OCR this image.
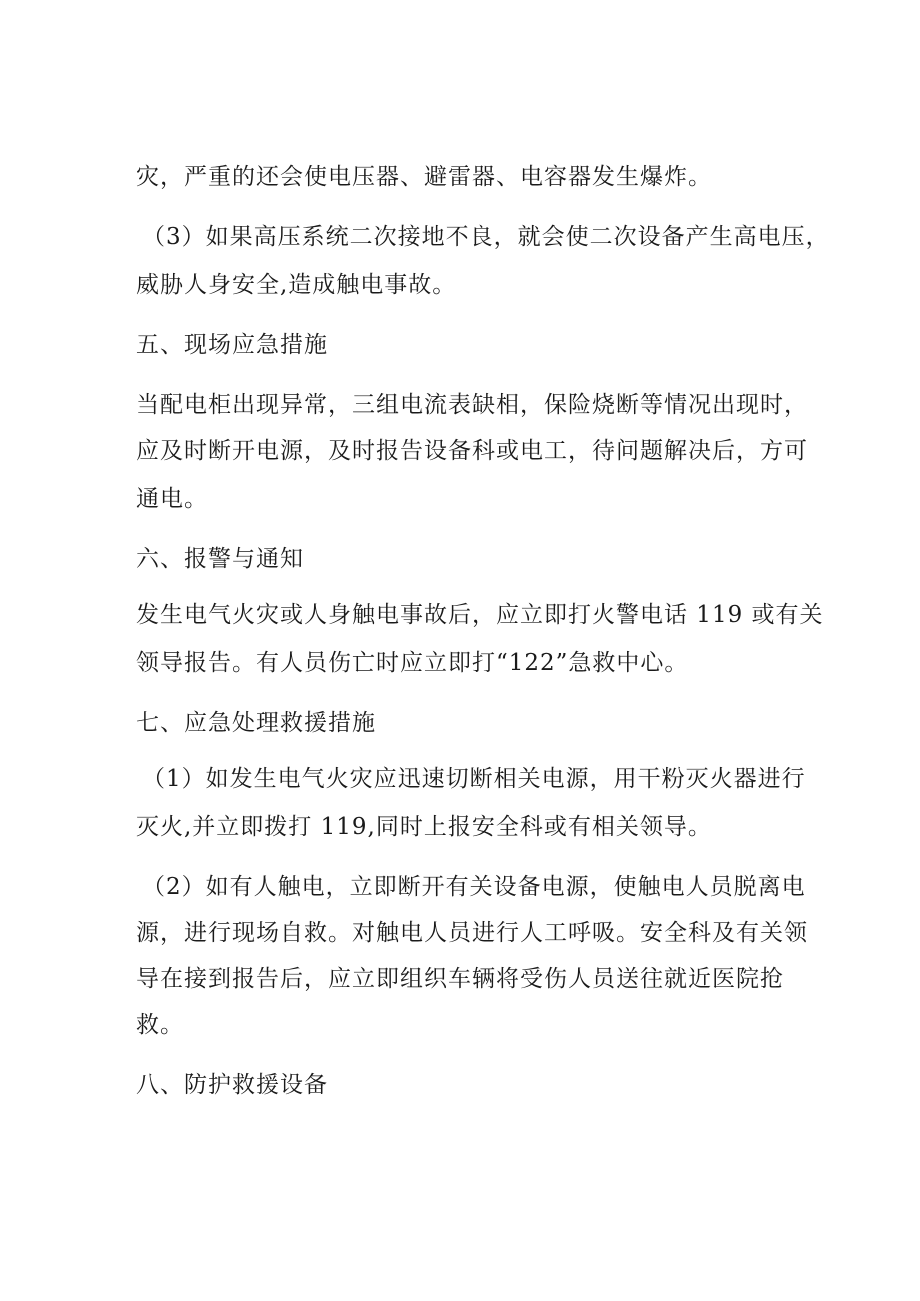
灾，严重的还会使电压器、避雷器、电容器发生爆炸。
（3）如果高压系统二次接地不良，就会使二次设备产生高电压，
威胁人身安全,造成触电事故。
五、现场应急措施
当配电柜出现异常，三组电流表缺相，保险烧断等情况出现时，
应及时断开电源，及时报告设备科或电工，待问题解决后，方可
通电。
六、报警与通知
发生电气火灾或人身触电事故后，应立即打火警电话 119 或有关
领导报告。有人员伤亡时应立即打“122”急救中心。
七、应急处理救援措施
（1）如发生电气火灾应迅速切断相关电源，用干粉灭火器进行
灭火,并立即拨打 119,同时上报安全科或有相关领导。
（2）如有人触电，立即断开有关设备电源，使触电人员脱离电
源，进行现场自救。对触电人员进行人工呼吸。安全科及有关领
导在接到报告后，应立即组织车辆将受伤人员送往就近医院抢
救。
八、防护救援设备
